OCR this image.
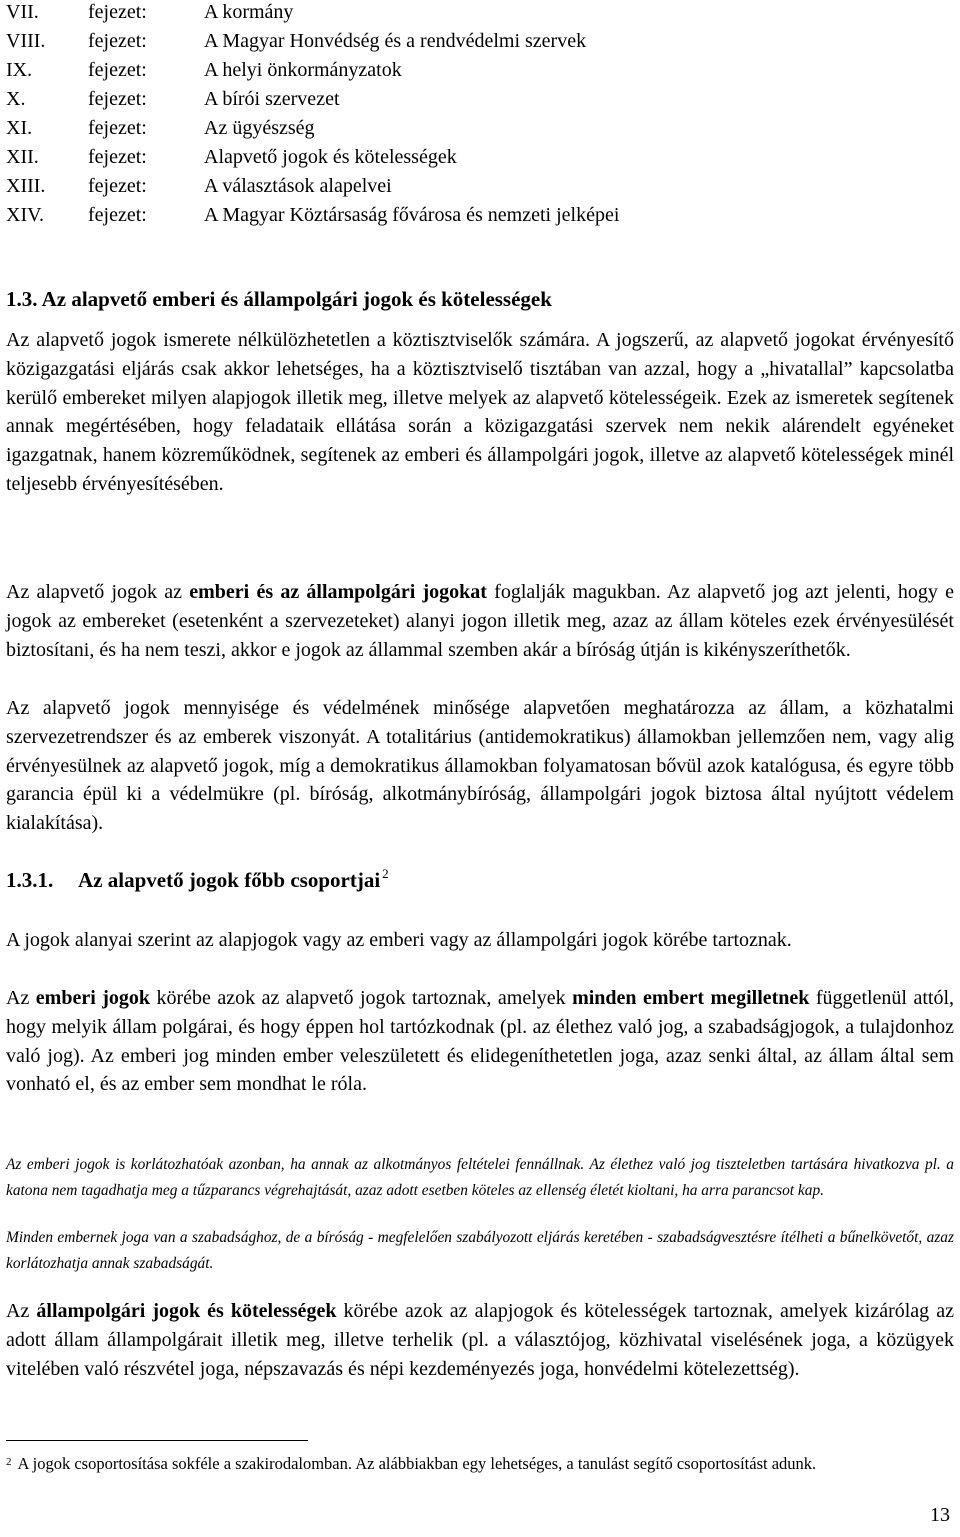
VII. fejezet:	A kormány
VIII. fejezet:	A Magyar Honvédség és a rendvédelmi szervek
IX.	fejezet:	A helyi önkormányzatok
X.	fejezet:	A bírói szervezet
XI.	fejezet:	Az ügyészség
XII. fejezet:	Alapvető jogok és kötelességek
XIII. fejezet:	A választások alapelvei
XIV. fejezet:	A Magyar Köztársaság fővárosa és nemzeti jelképei
1.3. Az alapvető emberi és állampolgári jogok és kötelességek

Az alapvető jogok ismerete nélkülözhetetlen a köztisztviselők számára. A jogszerű, az alapvető jogokat érvényesítő közigazgatási eljárás csak akkor lehetséges, ha a köztisztviselő tisztában van azzal, hogy a „hivatallal” kapcsolatba kerülő embereket milyen alapjogok illetik meg, illetve melyek az alapvető kötelességeik. Ezek az ismeretek segítenek annak megértésében, hogy feladataik ellátása során a közigazgatási szervek nem nekik alárendelt egyéneket igazgatnak, hanem közreműködnek, segítenek az emberi és állampolgári jogok, illetve az alapvető kötelességek minél teljesebb érvényesítésében.

Az alapvető jogok az emberi és az állampolgári jogokat foglalják magukban. Az alapvető jog azt jelenti, hogy e jogok az embereket (esetenként a szervezeteket) alanyi jogon illetik meg, azaz az állam köteles ezek érvényesülését biztosítani, és ha nem teszi, akkor e jogok az állammal szemben akár a bíróság útján is kikényszeríthetők.

Az alapvető jogok mennyisége és védelmének minősége alapvetően meghatározza az állam, a közhatalmi szervezetrendszer és az emberek viszonyát. A totalitárius (antidemokratikus) államokban jellemzően nem, vagy alig érvényesülnek az alapvető jogok, míg a demokratikus államokban folyamatosan bővül azok katalógusa, és egyre több garancia épül ki a védelmükre (pl. bíróság, alkotmánybíróság, állampolgári jogok biztosa által nyújtott védelem kialakítása).

1.3.1. Az alapvető jogok főbb csoportjai $^2$

A jogok alanyai szerint az alapjogok vagy az emberi vagy az állampolgári jogok körébe tartoznak.

Az emberi jogok körébe azok az alapvető jogok tartoznak, amelyek minden embert megilletnek függetlenül attól, hogy melyik állam polgárai, és hogy éppen hol tartózkodnak (pl. az élethez való jog, a szabadságjogok, a tulajdonhoz való jog). Az emberi jog minden ember veleszületett és elidegeníthetetlen joga, azaz senki által, az állam által sem vonható el, és az ember sem mondhat le róla.

Az emberi jogok is korlátozhatóak azonban, ha annak az alkotmányos feltételei fennállnak. Az élethez való jog tiszteletben tartására hivatkozva pl. a katona nem tagadhatja meg a tűzparancs végrehajtását, azaz adott esetben köteles az ellenség életét kioltani, ha arra parancsot kap.

Minden embernek joga van a szabadsághoz, de a bíróság - megfelelően szabályozott eljárás keretében - szabadságvesztésre ítélheti a bűnelkövetőt, azaz korlátozhatja annak szabadságát.

Az állampolgári jogok és kötelességek körébe azok az alapjogok és kötelességek tartoznak, amelyek kizárólag az adott állam állampolgárait illetik meg, illetve terhelik (pl. a választójog, közhivatal viselésének joga, a közügyek vitelében való részvétel joga, népszavazás és népi kezdeményezés joga, honvédelmi kötelezettség).

$^2$ A jogok csoportosítása sokféle a szakirodalomban. Az alábbiakban egy lehetséges, a tanulást segítő csoportosítást adunk.

13
